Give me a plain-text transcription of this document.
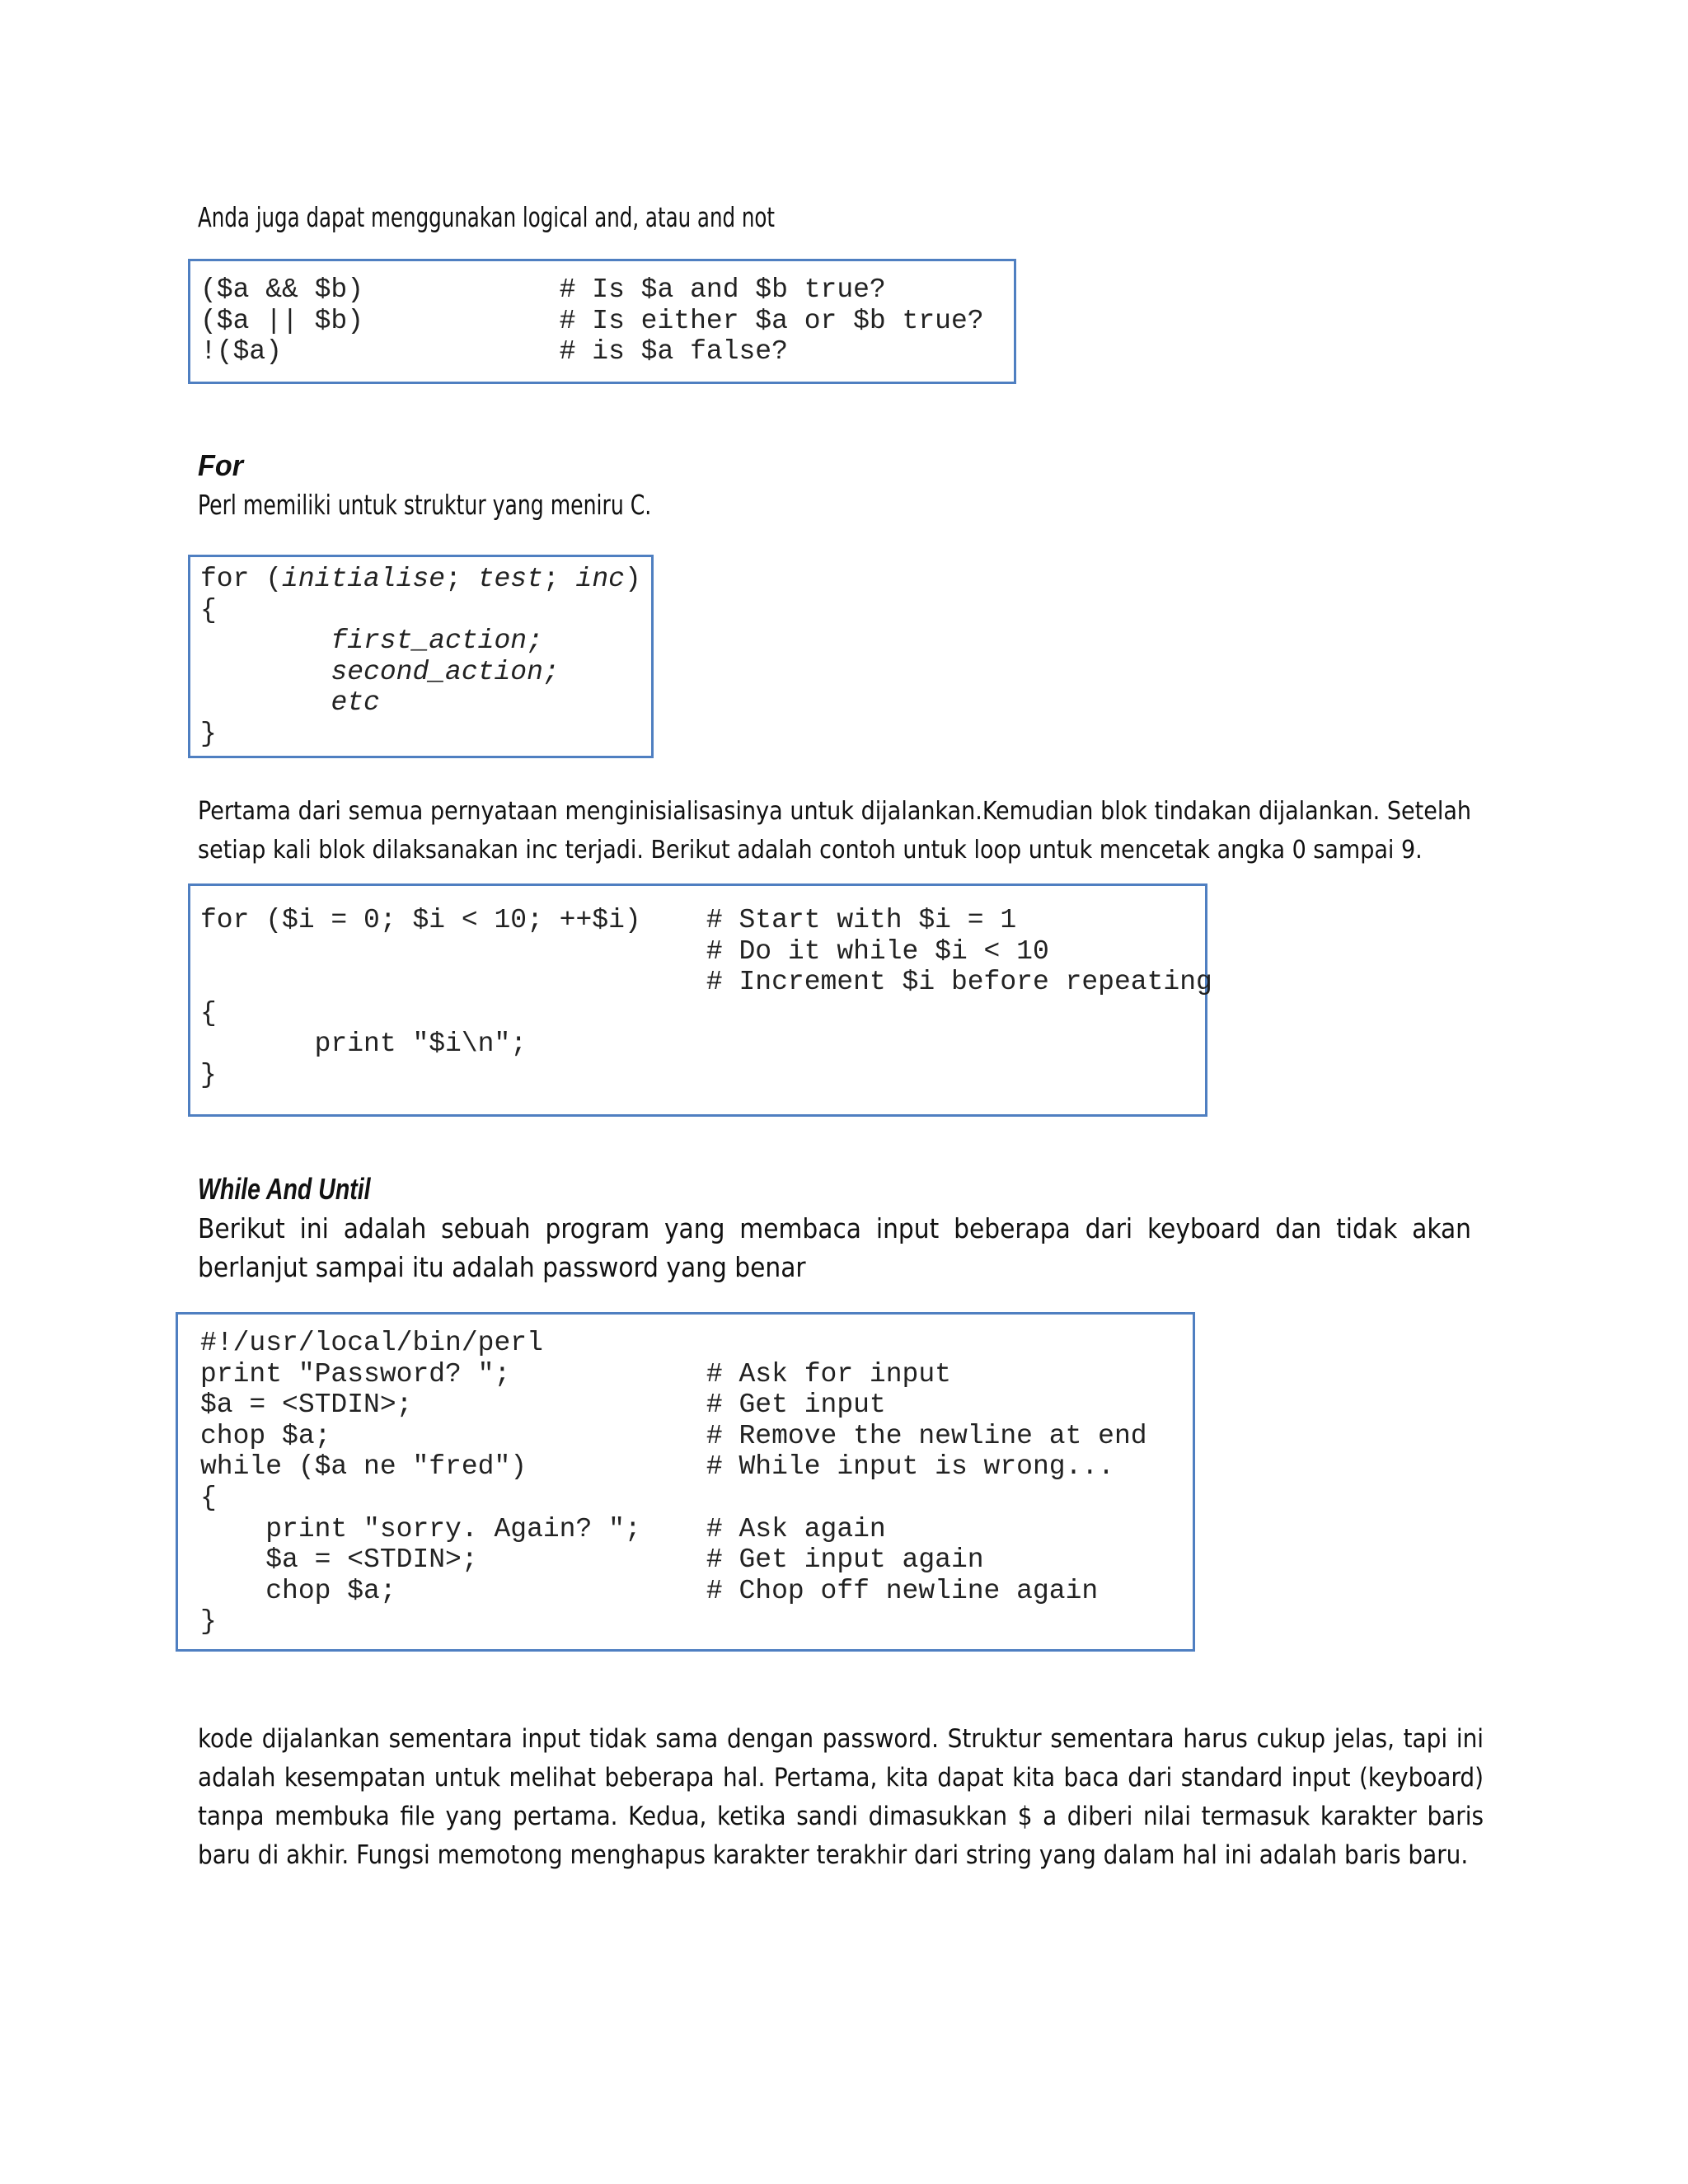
Anda juga dapat menggunakan logical and, atau and not
($a && $b)            # Is $a and $b true?
($a || $b)            # Is either $a or $b true?
!($a)                 # is $a false?
For
Perl memiliki untuk struktur yang meniru C.
for (initialise; test; inc)
{
first_action;
second_action;
etc
}
Pertama dari semua pernyataan menginisialisasinya untuk dijalankan.Kemudian blok tindakan dijalankan. Setelah setiap kali blok dilaksanakan inc terjadi. Berikut adalah contoh untuk loop untuk mencetak angka 0 sampai 9.
for ($i = 0; $i < 10; ++$i)    # Start with $i = 1
# Do it while $i < 10
# Increment $i before repeating
{
print "$i\n";
}
While And Until
Berikut ini adalah sebuah program yang membaca input beberapa dari keyboard dan tidak akan berlanjut sampai itu adalah password yang benar
#!/usr/local/bin/perl
print "Password? ";            # Ask for input
$a = <STDIN>;                  # Get input
chop $a;                       # Remove the newline at end
while ($a ne "fred")           # While input is wrong...
{
print "sorry. Again? ";    # Ask again
$a = <STDIN>;              # Get input again
chop $a;                   # Chop off newline again
}
kode dijalankan sementara input tidak sama dengan password. Struktur sementara harus cukup jelas, tapi ini adalah kesempatan untuk melihat beberapa hal. Pertama, kita dapat kita baca dari standard input (keyboard) tanpa membuka file yang pertama. Kedua, ketika sandi dimasukkan $ a diberi nilai termasuk karakter baris baru di akhir. Fungsi memotong menghapus karakter terakhir dari string yang dalam hal ini adalah baris baru.
